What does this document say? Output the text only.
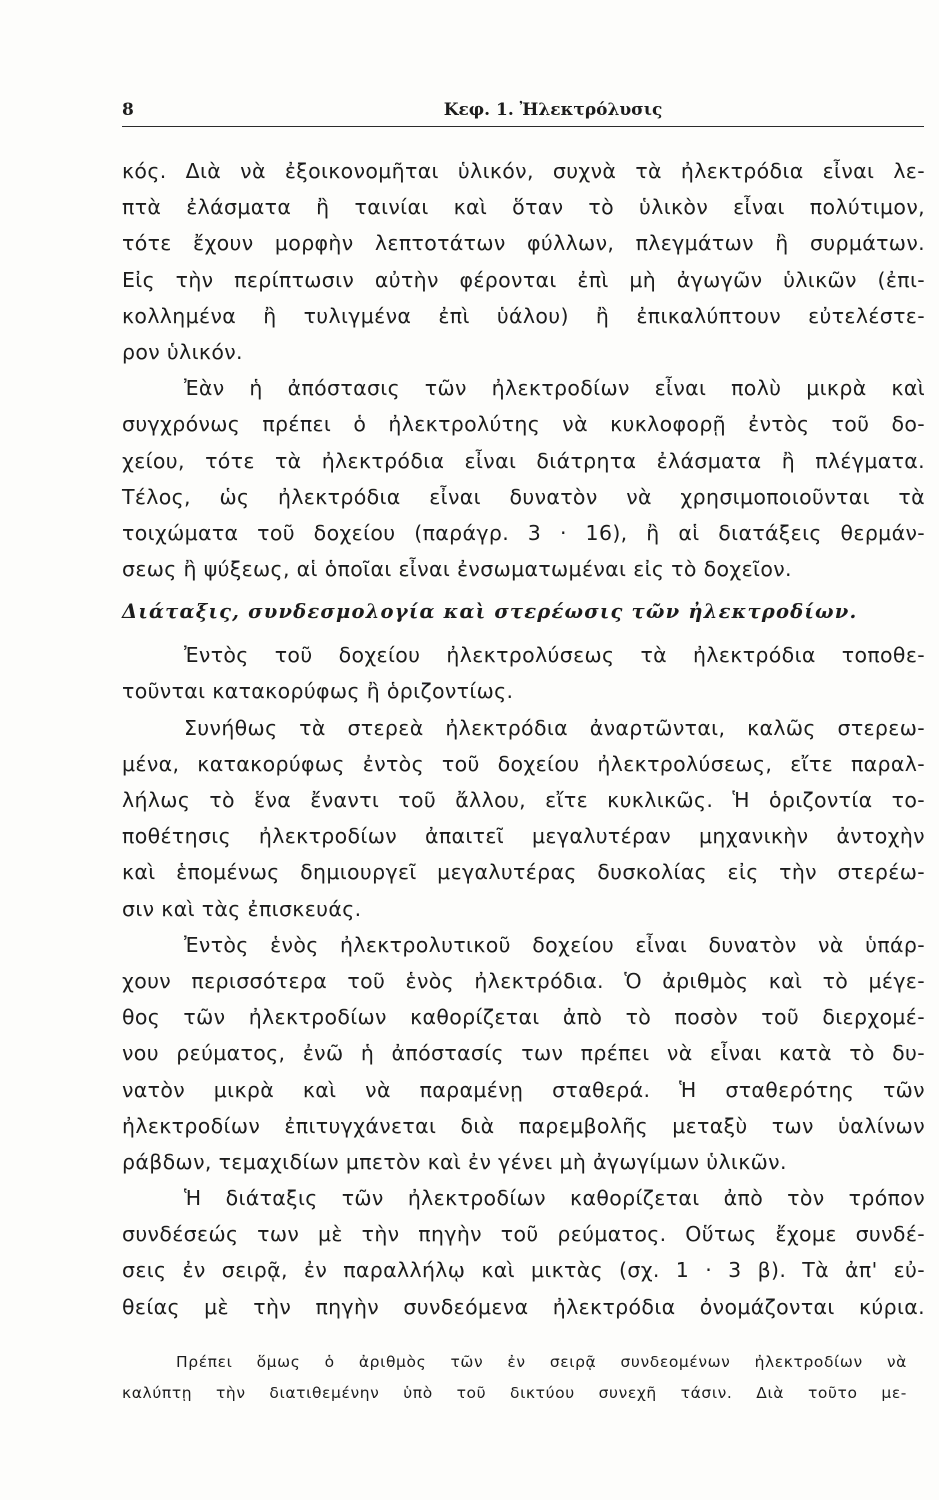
8	Κεφ. 1. Ἠλεκτρόλυσις
κός. Διὰ νὰ ἐξοικονομῆται ὑλικόν, συχνὰ τὰ ἠλεκτρόδια εἶναι λε-
πτὰ ἐλάσματα ἢ ταινίαι καὶ ὅταν τὸ ὑλικὸν εἶναι πολύτιμον,
τότε ἔχουν μορφὴν λεπτοτάτων φύλλων, πλεγμάτων ἢ συρμάτων.
Εἰς τὴν περίπτωσιν αὐτὴν φέρονται ἐπὶ μὴ ἀγωγῶν ὑλικῶν (ἐπι-
κολλημένα ἢ τυλιγμένα ἐπὶ ὑάλου) ἢ ἐπικαλύπτουν εὐτελέστε-
ρον ὑλικόν.
Ἐὰν ἡ ἀπόστασις τῶν ἠλεκτροδίων εἶναι πολὺ μικρὰ καὶ
συγχρόνως πρέπει ὁ ἠλεκτρολύτης νὰ κυκλοφορῇ ἐντὸς τοῦ δο-
χείου, τότε τὰ ἠλεκτρόδια εἶναι διάτρητα ἐλάσματα ἢ πλέγματα.
Τέλος, ὡς ἠλεκτρόδια εἶναι δυνατὸν νὰ χρησιμοποιοῦνται τὰ
τοιχώματα τοῦ δοχείου (παράγρ. 3 · 16), ἢ αἱ διατάξεις θερμάν-
σεως ἢ ψύξεως, αἱ ὁποῖαι εἶναι ἐνσωματωμέναι εἰς τὸ δοχεῖον.
Διάταξις, συνδεσμολογία καὶ στερέωσις τῶν ἠλεκτροδίων.
Ἐντὸς τοῦ δοχείου ἠλεκτρολύσεως τὰ ἠλεκτρόδια τοποθε-
τοῦνται κατακορύφως ἢ ὁριζοντίως.
Συνήθως τὰ στερεὰ ἠλεκτρόδια ἀναρτῶνται, καλῶς στερεω-
μένα, κατακορύφως ἐντὸς τοῦ δοχείου ἠλεκτρολύσεως, εἴτε παραλ-
λήλως τὸ ἕνα ἔναντι τοῦ ἄλλου, εἴτε κυκλικῶς. Ἡ ὁριζοντία το-
ποθέτησις ἠλεκτροδίων ἀπαιτεῖ μεγαλυτέραν μηχανικὴν ἀντοχὴν
καὶ ἑπομένως δημιουργεῖ μεγαλυτέρας δυσκολίας εἰς τὴν στερέω-
σιν καὶ τὰς ἐπισκευάς.
Ἐντὸς ἑνὸς ἠλεκτρολυτικοῦ δοχείου εἶναι δυνατὸν νὰ ὑπάρ-
χουν περισσότερα τοῦ ἑνὸς ἠλεκτρόδια. Ὁ ἀριθμὸς καὶ τὸ μέγε-
θος τῶν ἠλεκτροδίων καθορίζεται ἀπὸ τὸ ποσὸν τοῦ διερχομέ-
νου ρεύματος, ἐνῶ ἡ ἀπόστασίς των πρέπει νὰ εἶναι κατὰ τὸ δυ-
νατὸν μικρὰ καὶ νὰ παραμένῃ σταθερά. Ἡ σταθερότης τῶν
ἠλεκτροδίων ἐπιτυγχάνεται διὰ παρεμβολῆς μεταξὺ των ὑαλίνων
ράβδων, τεμαχιδίων μπετὸν καὶ ἐν γένει μὴ ἀγωγίμων ὑλικῶν.
Ἡ διάταξις τῶν ἠλεκτροδίων καθορίζεται ἀπὸ τὸν τρόπον
συνδέσεώς των μὲ τὴν πηγὴν τοῦ ρεύματος. Οὕτως ἔχομε συνδέ-
σεις ἐν σειρᾷ, ἐν παραλλήλῳ καὶ μικτὰς (σχ. 1 · 3 β). Τὰ ἀπ' εὐ-
θείας μὲ τὴν πηγὴν συνδεόμενα ἠλεκτρόδια ὀνομάζονται κύρια.
Πρέπει ὅμως ὁ ἀριθμὸς τῶν ἐν σειρᾷ συνδεομένων ἠλεκτροδίων νὰ
καλύπτῃ τὴν διατιθεμένην ὑπὸ τοῦ δικτύου συνεχῆ τάσιν. Διὰ τοῦτο με-
